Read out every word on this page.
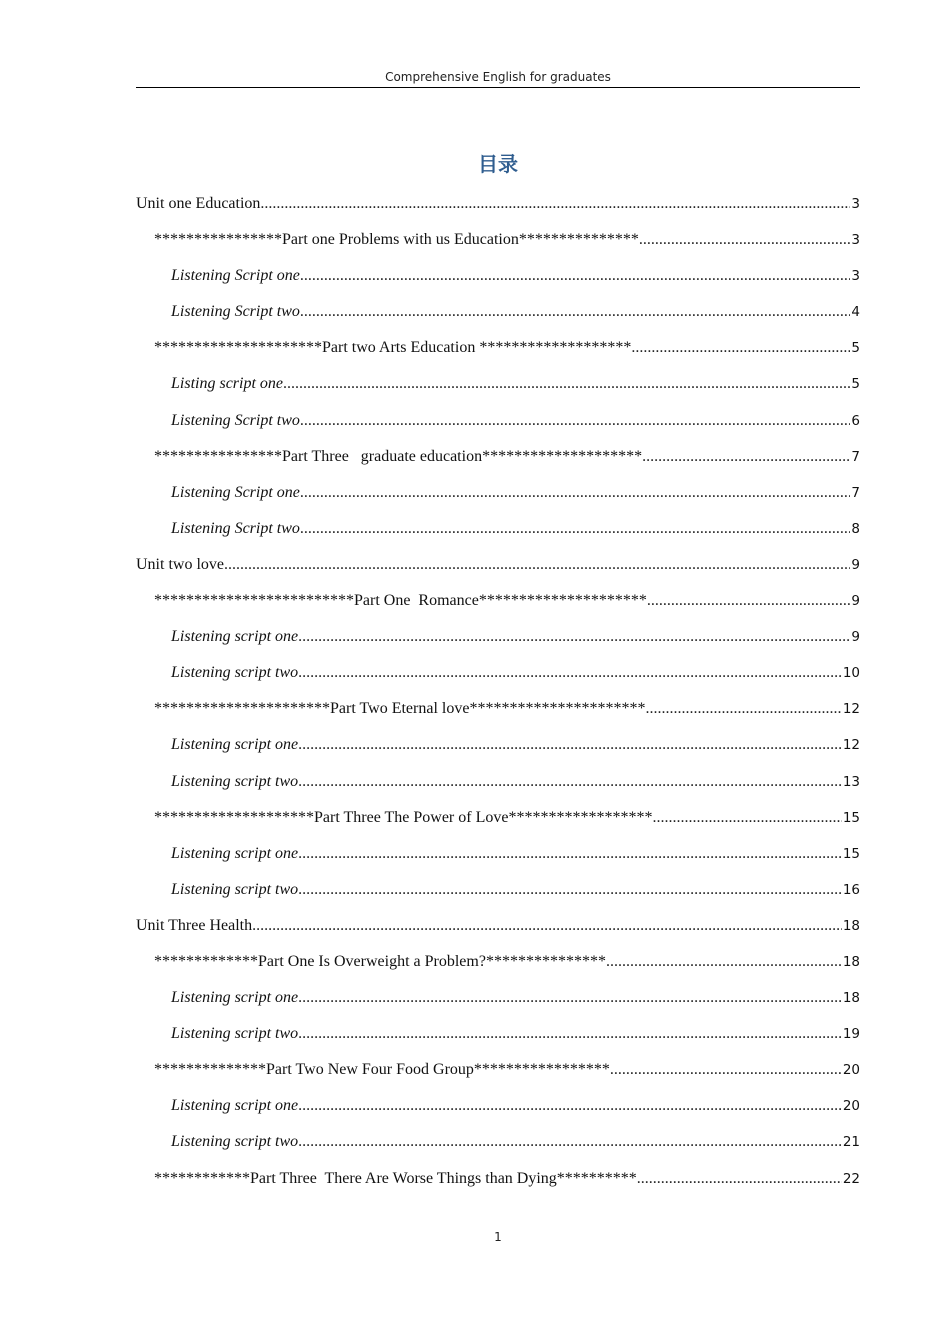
Comprehensive English for graduates
目录
Unit one Education .....	3
****************Part one Problems with us Education*************** .....	3
Listening Script one .....	3
Listening Script two .....	4
*********************Part two Arts Education ******************* .....	5
Listing script one .....	5
Listening Script two .....	6
****************Part Three   graduate education******************** .....	7
Listening Script one .....	7
Listening Script two .....	8
Unit two love .....	9
*************************Part One  Romance********************* .....	9
Listening script one .....	9
Listening script two .....	10
**********************Part Two Eternal love********************** .....	12
Listening script one .....	12
Listening script two .....	13
********************Part Three The Power of Love****************** .....	15
Listening script one .....	15
Listening script two .....	16
Unit Three Health .....	18
*************Part One Is Overweight a Problem?*************** .....	18
Listening script one .....	18
Listening script two .....	19
**************Part Two New Four Food Group***************** .....	20
Listening script one .....	20
Listening script two .....	21
************Part Three  There Are Worse Things than Dying********** .....	22
1
